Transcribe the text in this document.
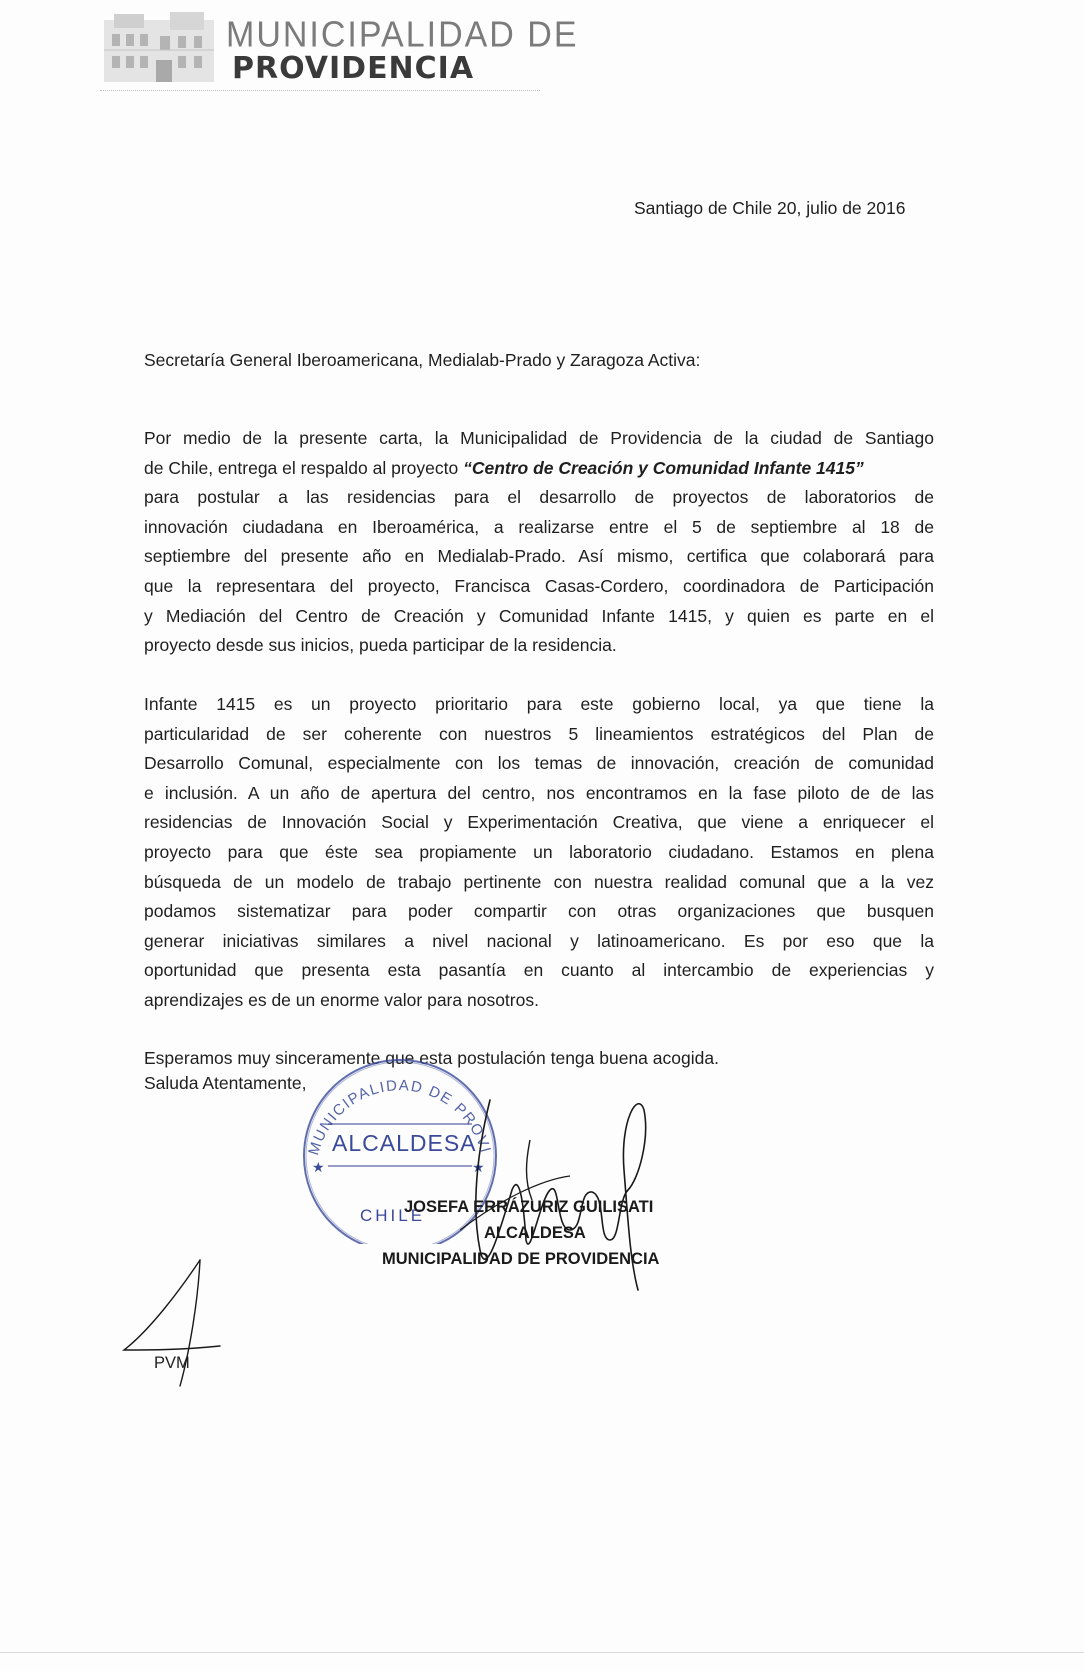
MUNICIPALIDAD DE
PROVIDENCIA
Santiago de Chile 20, julio de 2016
Secretaría General Iberoamericana, Medialab-Prado y Zaragoza Activa:
Por medio de la presente carta, la Municipalidad de Providencia de la ciudad de Santiago
de Chile, entrega el respaldo al proyecto “Centro de Creación y Comunidad Infante 1415”
para postular a las residencias para el desarrollo de proyectos de laboratorios de
innovación ciudadana en Iberoamérica, a realizarse entre el 5 de septiembre al 18 de
septiembre del presente año en Medialab-Prado. Así mismo, certifica que colaborará para
que la representara del proyecto, Francisca Casas-Cordero, coordinadora de Participación
y Mediación del Centro de Creación y Comunidad Infante 1415, y quien es parte en el
proyecto desde sus inicios, pueda participar de la residencia.
Infante 1415 es un proyecto prioritario para este gobierno local, ya que tiene la
particularidad de ser coherente con nuestros 5 lineamientos estratégicos del Plan de
Desarrollo Comunal, especialmente con los temas de innovación, creación de comunidad
e inclusión. A un año de apertura del centro, nos encontramos en la fase piloto de de las
residencias de Innovación Social y Experimentación Creativa, que viene a enriquecer el
proyecto para que éste sea propiamente un laboratorio ciudadano. Estamos en plena
búsqueda de un modelo de trabajo pertinente con nuestra realidad comunal que a la vez
podamos sistematizar para poder compartir con otras organizaciones que busquen
generar iniciativas similares a nivel nacional y latinoamericano. Es por eso que la
oportunidad que presenta esta pasantía en cuanto al intercambio de experiencias y
aprendizajes es de un enorme valor para nosotros.
Esperamos muy sinceramente que esta postulación tenga buena acogida.
Saluda Atentamente,
MUNICIPALIDAD DE PROVI
★	★
ALCALDESA
CHILE
JOSEFA ERRÁZURIZ GUILISATI
ALCALDESA
MUNICIPALIDAD DE PROVIDENCIA
PVM
